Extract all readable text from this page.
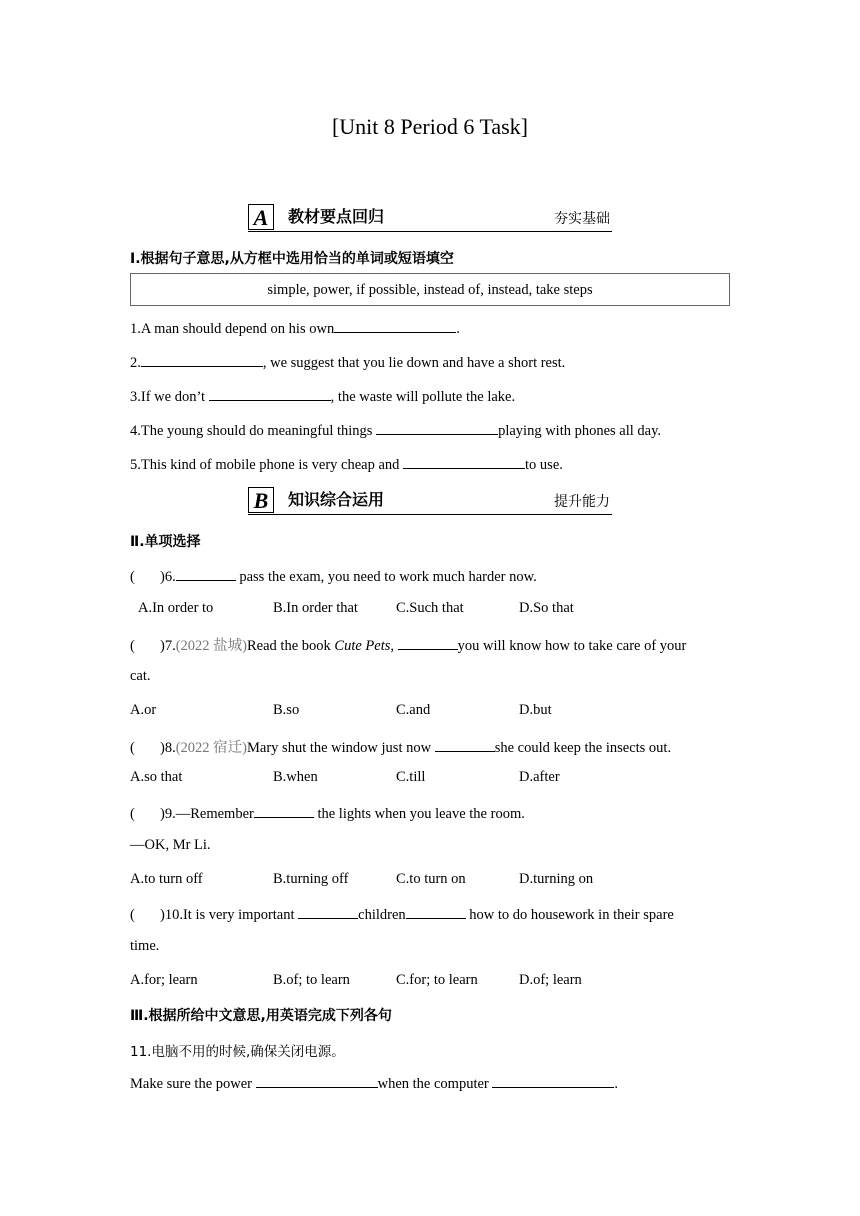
[Unit 8 Period 6 Task]
A	教材要点回归	夯实基础
Ⅰ.根据句子意思,从方框中选用恰当的单词或短语填空
simple, power, if possible, instead of, instead, take steps
1.A man should depend on his own	.
2.	, we suggest that you lie down and have a short rest.
3.If we don’t	, the waste will pollute the lake.
4.The young should do meaningful things	playing with phones all day.
5.This kind of mobile phone is very cheap and	to use.
B	知识综合运用	提升能力
Ⅱ.单项选择
( )6.	pass the exam, you need to work much harder now.
A.In order to	B.In order that	C.Such that	D.So that
( )7.(2022 盐城)Read the book Cute Pets,	you will know how to take care of your
cat.
A.or	B.so	C.and	D.but
( )8.(2022 宿迁)Mary shut the window just now	she could keep the insects out.
A.so that	B.when	C.till	D.after
( )9.—Remember	the lights when you leave the room.
—OK, Mr Li.
A.to turn off	B.turning off	C.to turn on	D.turning on
( )10.It is very important	children	how to do housework in their spare
time.
A.for; learn	B.of; to learn	C.for; to learn	D.of; learn
Ⅲ.根据所给中文意思,用英语完成下列各句
11.电脑不用的时候,确保关闭电源。
Make sure the power	when the computer	.
